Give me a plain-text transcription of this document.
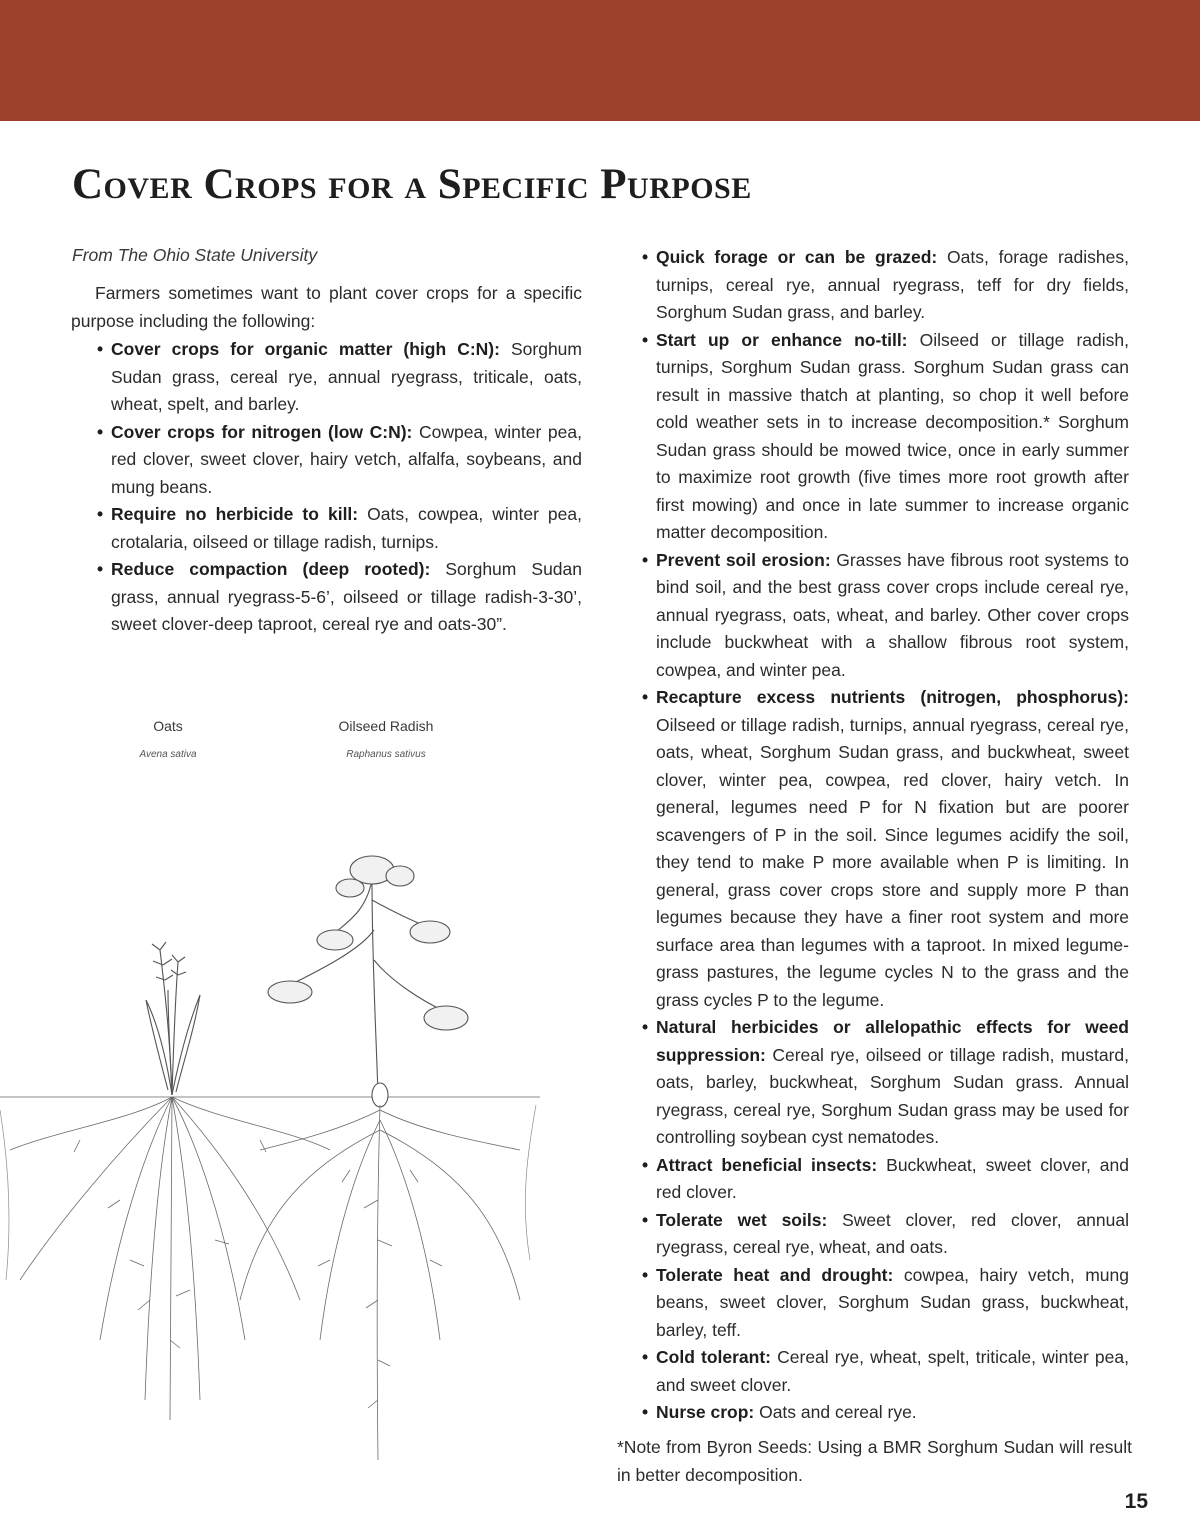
Cover Crops for a Specific Purpose
From The Ohio State University

Farmers sometimes want to plant cover crops for a specific purpose including the following:

• Cover crops for organic matter (high C:N): Sorghum Sudan grass, cereal rye, annual ryegrass, triticale, oats, wheat, spelt, and barley.
• Cover crops for nitrogen (low C:N): Cowpea, winter pea, red clover, sweet clover, hairy vetch, alfalfa, soybeans, and mung beans.
• Require no herbicide to kill: Oats, cowpea, winter pea, crotalaria, oilseed or tillage radish, turnips.
• Reduce compaction (deep rooted): Sorghum Sudan grass, annual ryegrass-5-6’, oilseed or tillage radish-3-30’, sweet clover-deep taproot, cereal rye and oats-30”.
• Quick forage or can be grazed: Oats, forage radishes, turnips, cereal rye, annual ryegrass, teff for dry fields, Sorghum Sudan grass, and barley.
• Start up or enhance no-till: Oilseed or tillage radish, turnips, Sorghum Sudan grass. Sorghum Sudan grass can result in massive thatch at planting, so chop it well before cold weather sets in to increase decomposition.* Sorghum Sudan grass should be mowed twice, once in early summer to maximize root growth (five times more root growth after first mowing) and once in late summer to increase organic matter decomposition.
• Prevent soil erosion: Grasses have fibrous root systems to bind soil, and the best grass cover crops include cereal rye, annual ryegrass, oats, wheat, and barley. Other cover crops include buckwheat with a shallow fibrous root system, cowpea, and winter pea.
• Recapture excess nutrients (nitrogen, phosphorus): Oilseed or tillage radish, turnips, annual ryegrass, cereal rye, oats, wheat, Sorghum Sudan grass, and buckwheat, sweet clover, winter pea, cowpea, red clover, hairy vetch. In general, legumes need P for N fixation but are poorer scavengers of P in the soil. Since legumes acidify the soil, they tend to make P more available when P is limiting. In general, grass cover crops store and supply more P than legumes because they have a finer root system and more surface area than legumes with a taproot. In mixed legume-grass pastures, the legume cycles N to the grass and the grass cycles P to the legume.
• Natural herbicides or allelopathic effects for weed suppression: Cereal rye, oilseed or tillage radish, mustard, oats, barley, buckwheat, Sorghum Sudan grass. Annual ryegrass, cereal rye, Sorghum Sudan grass may be used for controlling soybean cyst nematodes.
• Attract beneficial insects: Buckwheat, sweet clover, and red clover.
• Tolerate wet soils: Sweet clover, red clover, annual ryegrass, cereal rye, wheat, and oats.
• Tolerate heat and drought: cowpea, hairy vetch, mung beans, sweet clover, Sorghum Sudan grass, buckwheat, barley, teff.
• Cold tolerant: Cereal rye, wheat, spelt, triticale, winter pea, and sweet clover.
• Nurse crop: Oats and cereal rye.

*Note from Byron Seeds: Using a BMR Sorghum Sudan will result in better decomposition.

15
Oats
Avena sativa
Oilseed Radish
Raphanus sativus
